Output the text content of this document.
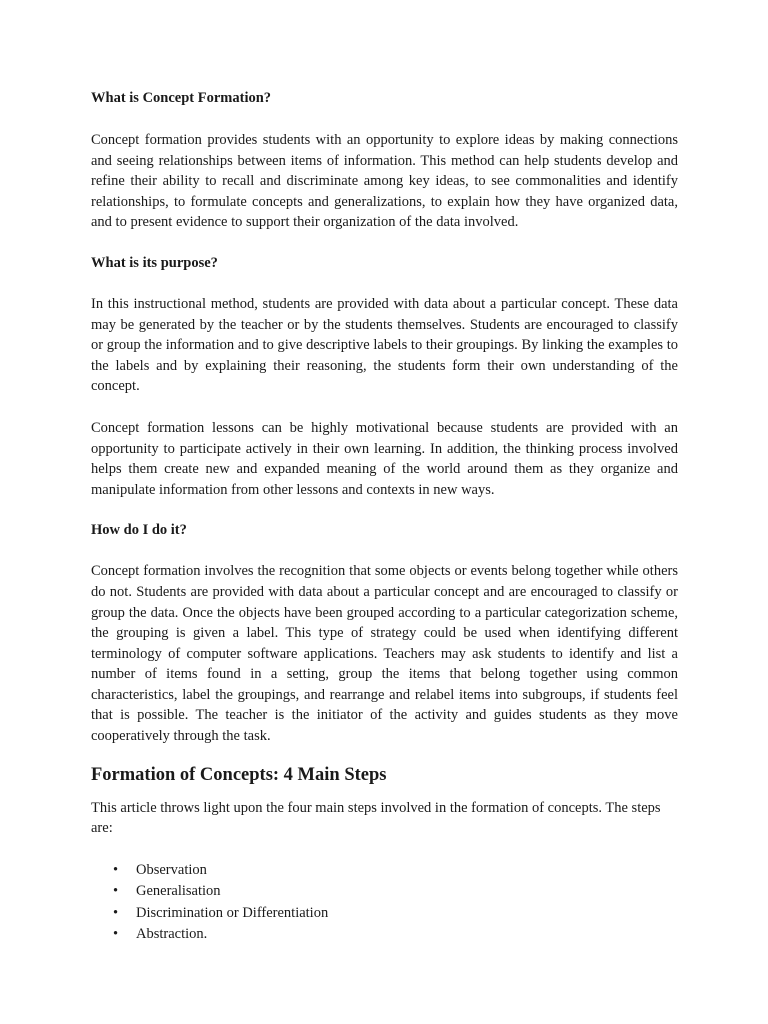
What is Concept Formation?

Concept formation provides students with an opportunity to explore ideas by making connections and seeing relationships between items of information. This method can help students develop and refine their ability to recall and discriminate among key ideas, to see commonalities and identify relationships, to formulate concepts and generalizations, to explain how they have organized data, and to present evidence to support their organization of the data involved.

What is its purpose?

In this instructional method, students are provided with data about a particular concept. These data may be generated by the teacher or by the students themselves. Students are encouraged to classify or group the information and to give descriptive labels to their groupings. By linking the examples to the labels and by explaining their reasoning, the students form their own understanding of the concept.

Concept formation lessons can be highly motivational because students are provided with an opportunity to participate actively in their own learning. In addition, the thinking process involved helps them create new and expanded meaning of the world around them as they organize and manipulate information from other lessons and contexts in new ways.

How do I do it?

Concept formation involves the recognition that some objects or events belong together while others do not. Students are provided with data about a particular concept and are encouraged to classify or group the data. Once the objects have been grouped according to a particular categorization scheme, the grouping is given a label. This type of strategy could be used when identifying different terminology of computer software applications. Teachers may ask students to identify and list a number of items found in a setting, group the items that belong together using common characteristics, label the groupings, and rearrange and relabel items into subgroups, if students feel that is possible. The teacher is the initiator of the activity and guides students as they move cooperatively through the task.

Formation of Concepts: 4 Main Steps

This article throws light upon the four main steps involved in the formation of concepts. The steps are:

• Observation
• Generalisation
• Discrimination or Differentiation
• Abstraction.
